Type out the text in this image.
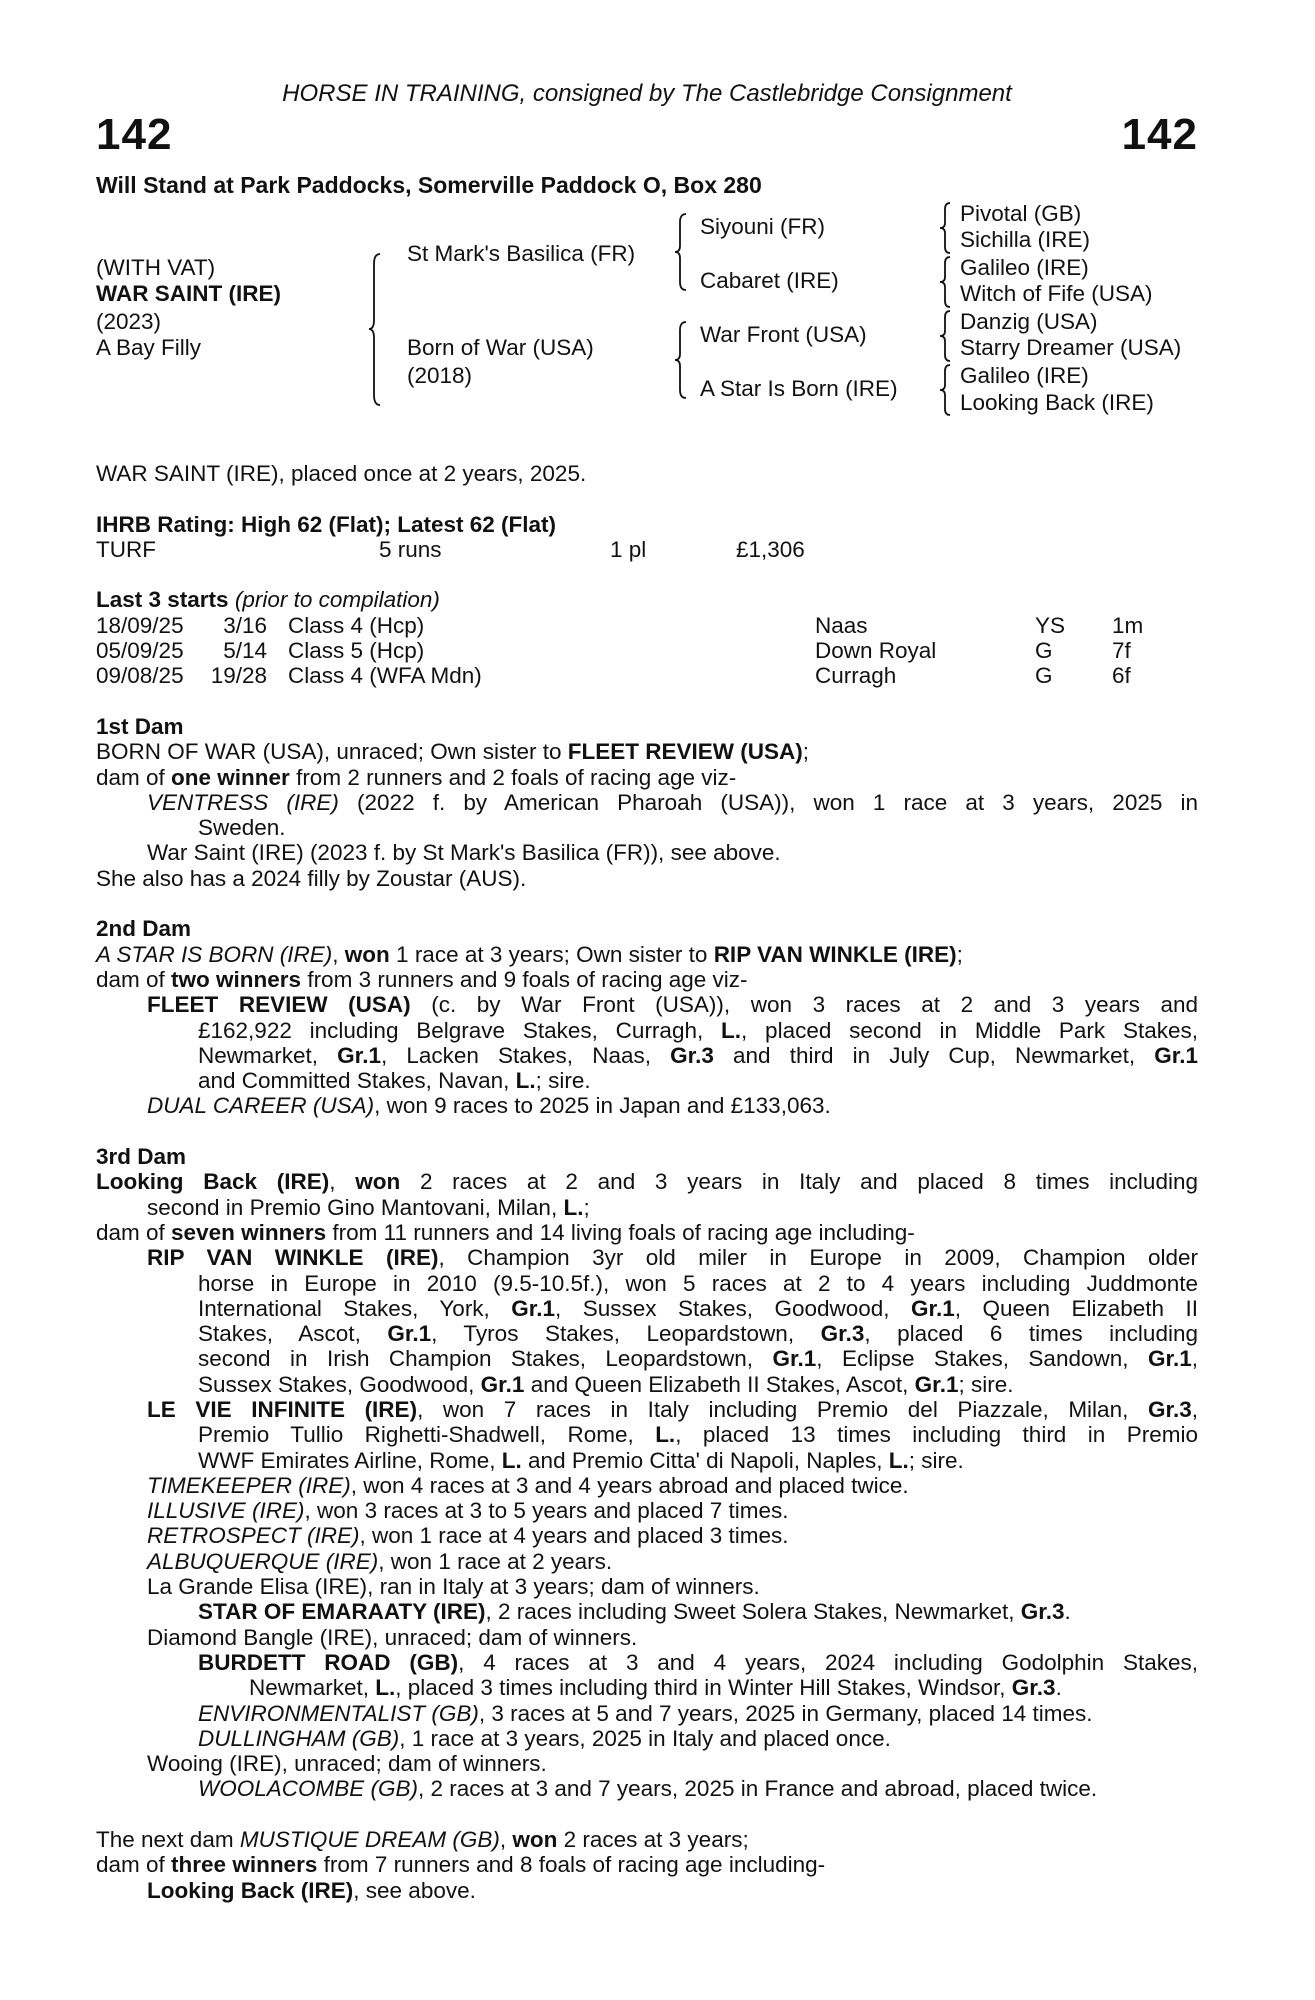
HORSE IN TRAINING, consigned by The Castlebridge Consignment
142	142
Will Stand at Park Paddocks, Somerville Paddock O, Box 280
(WITH VAT)
WAR SAINT (IRE)
(2023)
A Bay Filly
St Mark's Basilica (FR)
Born of War (USA)
(2018)
Siyouni (FR)
Cabaret (IRE)
War Front (USA)
A Star Is Born (IRE)
Pivotal (GB)
Sichilla (IRE)
Galileo (IRE)
Witch of Fife (USA)
Danzig (USA)
Starry Dreamer (USA)
Galileo (IRE)
Looking Back (IRE)
WAR SAINT (IRE), placed once at 2 years, 2025.
IHRB Rating: High 62 (Flat); Latest 62 (Flat)
TURF	5 runs	1 pl	£1,306
Last 3 starts (prior to compilation)
18/09/25 3/16 Class 4 (Hcp)	Naas	YS 1m
05/09/25 5/14 Class 5 (Hcp)	Down Royal	G	7f
09/08/25 19/28 Class 4 (WFA Mdn)	Curragh	G	6f
1st Dam
BORN OF WAR (USA), unraced; Own sister to FLEET REVIEW (USA);
dam of one winner from 2 runners and 2 foals of racing age viz-
VENTRESS (IRE) (2022 f. by American Pharoah (USA)), won 1 race at 3 years, 2025 in
Sweden.
War Saint (IRE) (2023 f. by St Mark's Basilica (FR)), see above.
She also has a 2024 filly by Zoustar (AUS).
2nd Dam
A STAR IS BORN (IRE), won 1 race at 3 years; Own sister to RIP VAN WINKLE (IRE);
dam of two winners from 3 runners and 9 foals of racing age viz-
FLEET REVIEW (USA) (c. by War Front (USA)), won 3 races at 2 and 3 years and
£162,922 including Belgrave Stakes, Curragh, L., placed second in Middle Park Stakes,
Newmarket, Gr.1, Lacken Stakes, Naas, Gr.3 and third in July Cup, Newmarket, Gr.1
and Committed Stakes, Navan, L.; sire.
DUAL CAREER (USA), won 9 races to 2025 in Japan and £133,063.
3rd Dam
Looking Back (IRE), won 2 races at 2 and 3 years in Italy and placed 8 times including
second in Premio Gino Mantovani, Milan, L.;
dam of seven winners from 11 runners and 14 living foals of racing age including-
RIP VAN WINKLE (IRE), Champion 3yr old miler in Europe in 2009, Champion older
horse in Europe in 2010 (9.5-10.5f.), won 5 races at 2 to 4 years including Juddmonte
International Stakes, York, Gr.1, Sussex Stakes, Goodwood, Gr.1, Queen Elizabeth II
Stakes, Ascot, Gr.1, Tyros Stakes, Leopardstown, Gr.3, placed 6 times including
second in Irish Champion Stakes, Leopardstown, Gr.1, Eclipse Stakes, Sandown, Gr.1,
Sussex Stakes, Goodwood, Gr.1 and Queen Elizabeth II Stakes, Ascot, Gr.1; sire.
LE VIE INFINITE (IRE), won 7 races in Italy including Premio del Piazzale, Milan, Gr.3,
Premio Tullio Righetti-Shadwell, Rome, L., placed 13 times including third in Premio
WWF Emirates Airline, Rome, L. and Premio Citta' di Napoli, Naples, L.; sire.
TIMEKEEPER (IRE), won 4 races at 3 and 4 years abroad and placed twice.
ILLUSIVE (IRE), won 3 races at 3 to 5 years and placed 7 times.
RETROSPECT (IRE), won 1 race at 4 years and placed 3 times.
ALBUQUERQUE (IRE), won 1 race at 2 years.
La Grande Elisa (IRE), ran in Italy at 3 years; dam of winners.
STAR OF EMARAATY (IRE), 2 races including Sweet Solera Stakes, Newmarket, Gr.3.
Diamond Bangle (IRE), unraced; dam of winners.
BURDETT ROAD (GB), 4 races at 3 and 4 years, 2024 including Godolphin Stakes,
Newmarket, L., placed 3 times including third in Winter Hill Stakes, Windsor, Gr.3.
ENVIRONMENTALIST (GB), 3 races at 5 and 7 years, 2025 in Germany, placed 14 times.
DULLINGHAM (GB), 1 race at 3 years, 2025 in Italy and placed once.
Wooing (IRE), unraced; dam of winners.
WOOLACOMBE (GB), 2 races at 3 and 7 years, 2025 in France and abroad, placed twice.
The next dam MUSTIQUE DREAM (GB), won 2 races at 3 years;
dam of three winners from 7 runners and 8 foals of racing age including-
Looking Back (IRE), see above.
